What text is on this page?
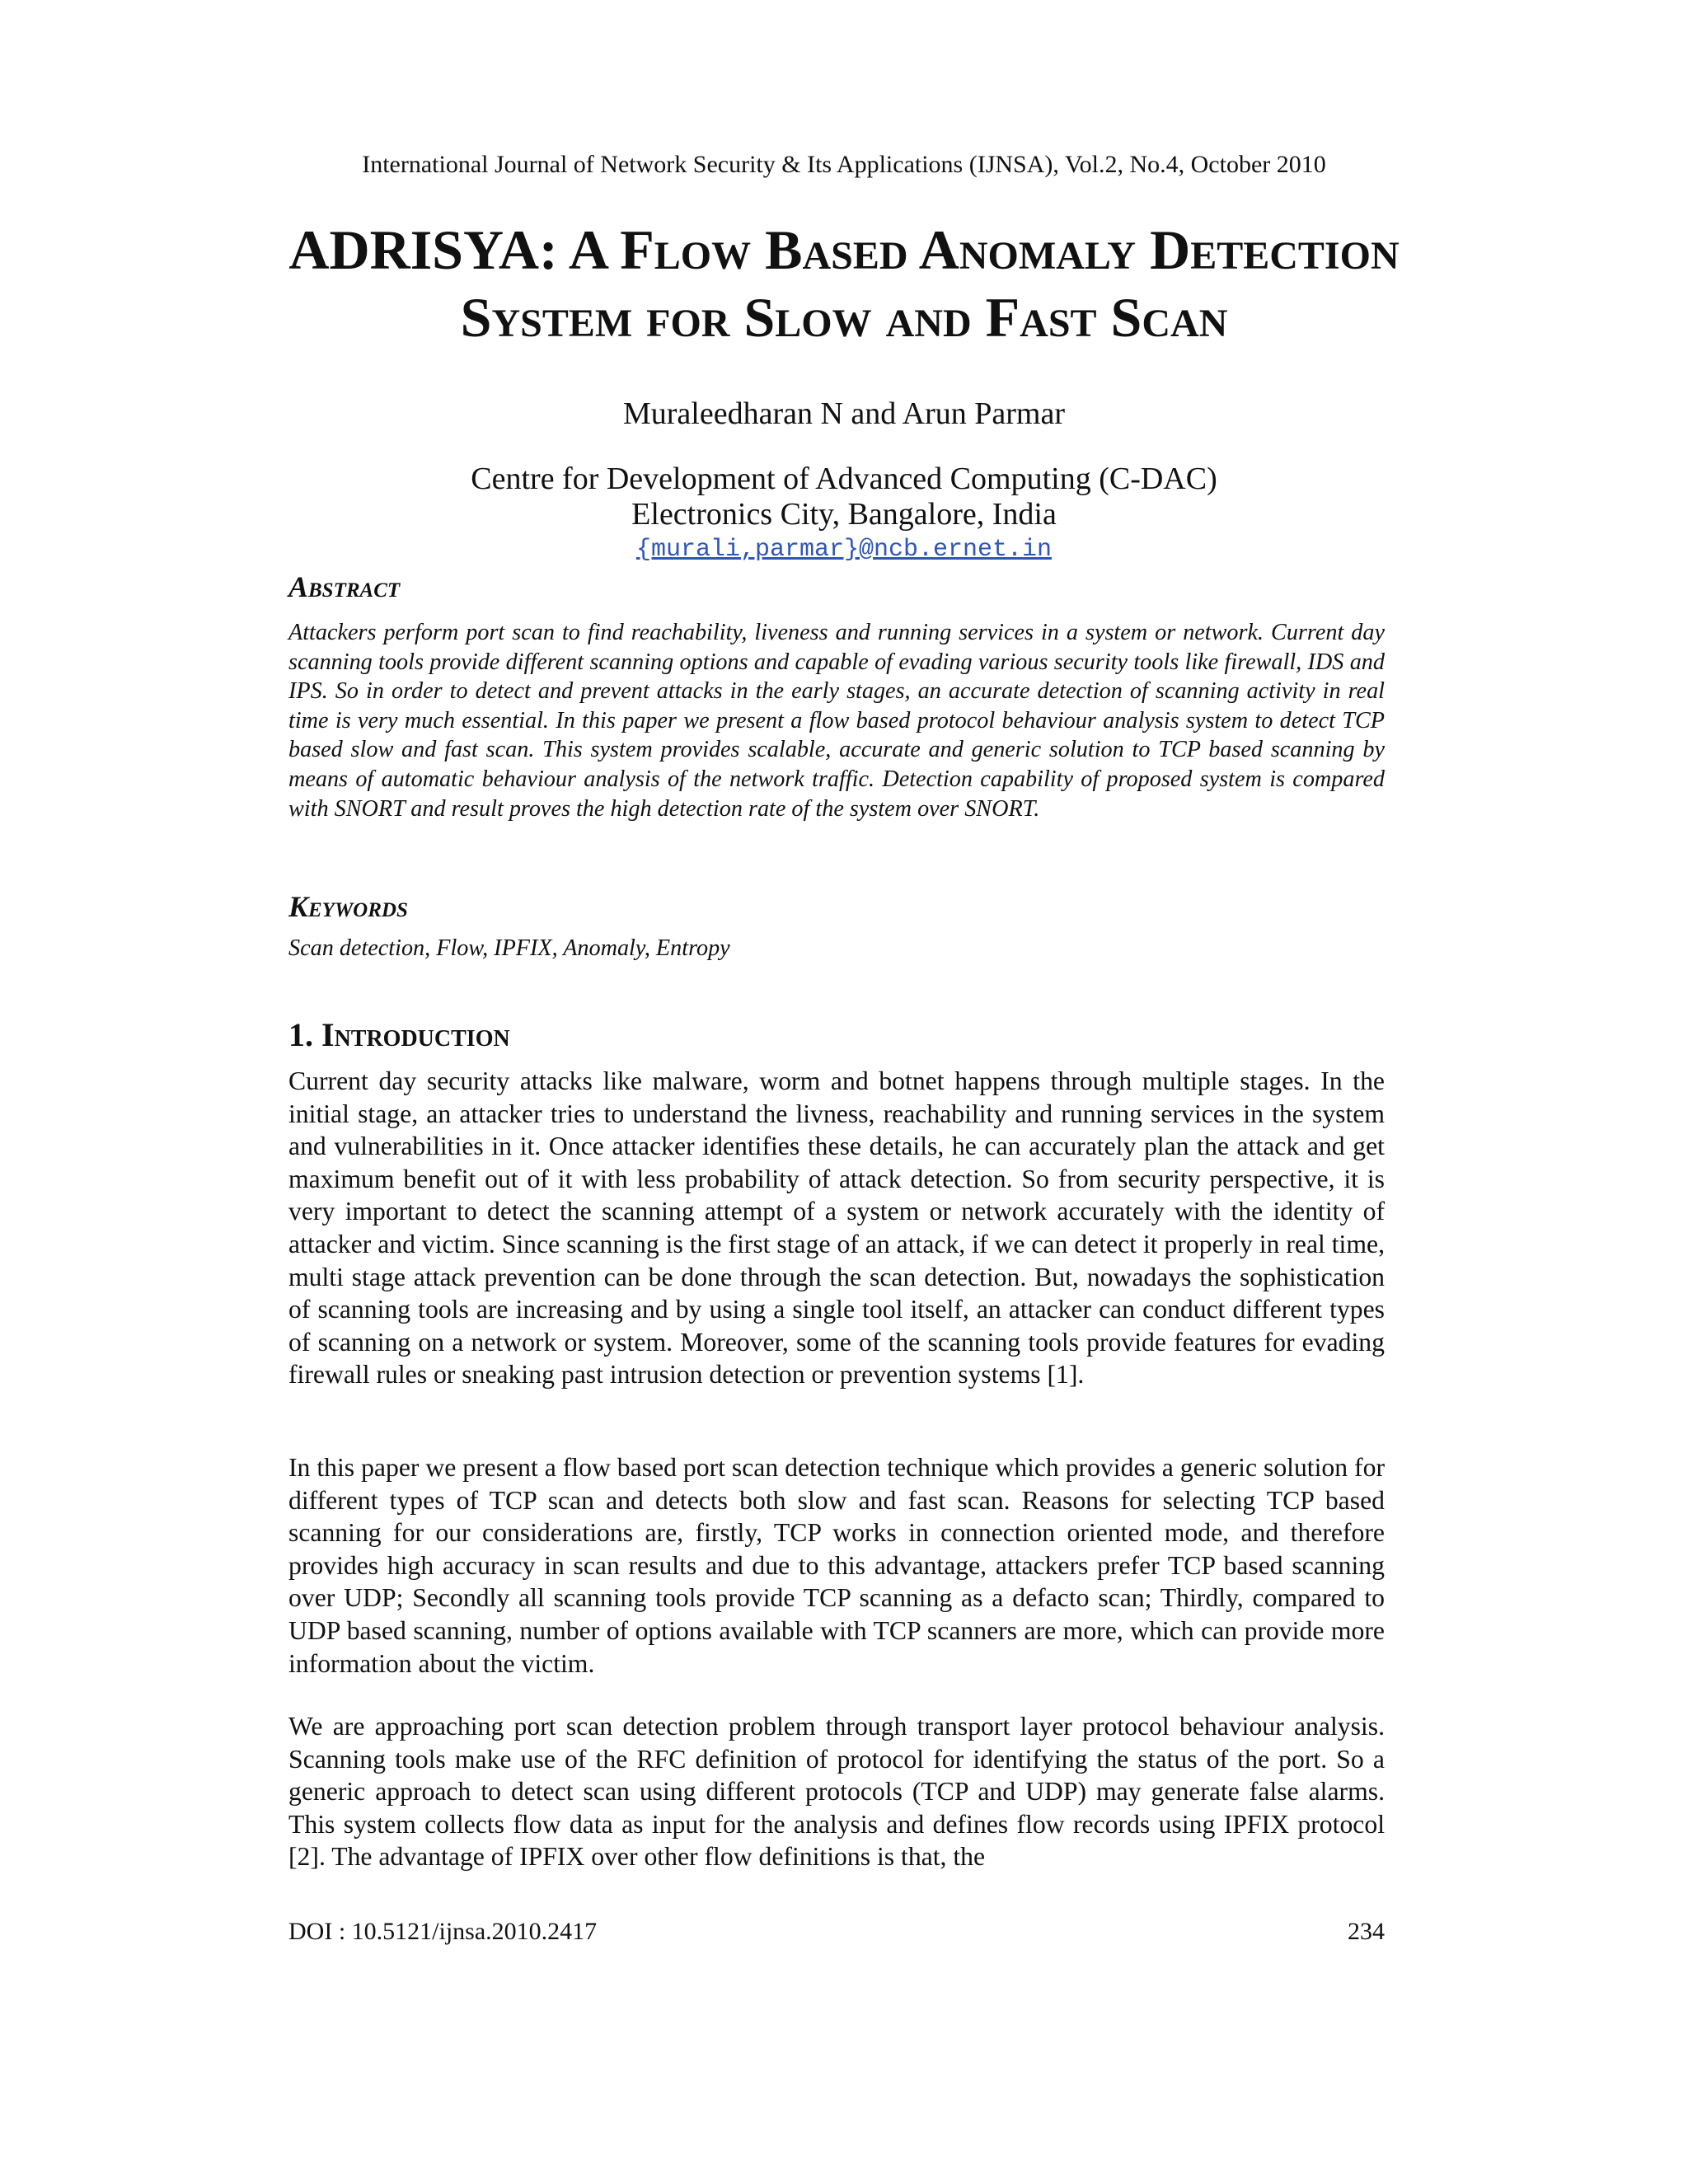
International Journal of Network Security & Its Applications (IJNSA), Vol.2, No.4, October 2010
ADRISYA: A Flow Based Anomaly Detection
System for Slow and Fast Scan
Muraleedharan N and Arun Parmar
Centre for Development of Advanced Computing (C-DAC)
Electronics City, Bangalore, India
{murali,parmar}@ncb.ernet.in
Abstract

Attackers perform port scan to find reachability, liveness and running services in a system or network. Current day scanning tools provide different scanning options and capable of evading various security tools like firewall, IDS and IPS. So in order to detect and prevent attacks in the early stages, an accurate detection of scanning activity in real time is very much essential. In this paper we present a flow based protocol behaviour analysis system to detect TCP based slow and fast scan. This system provides scalable, accurate and generic solution to TCP based scanning by means of automatic behaviour analysis of the network traffic. Detection capability of proposed system is compared with SNORT and result proves the high detection rate of the system over SNORT.

Keywords

Scan detection, Flow, IPFIX, Anomaly, Entropy

1. Introduction

Current day security attacks like malware, worm and botnet happens through multiple stages. In the initial stage, an attacker tries to understand the livness, reachability and running services in the system and vulnerabilities in it. Once attacker identifies these details, he can accurately plan the attack and get maximum benefit out of it with less probability of attack detection. So from security perspective, it is very important to detect the scanning attempt of a system or network accurately with the identity of attacker and victim. Since scanning is the first stage of an attack, if we can detect it properly in real time, multi stage attack prevention can be done through the scan detection. But, nowadays the sophistication of scanning tools are increasing and by using a single tool itself, an attacker can conduct different types of scanning on a network or system. Moreover, some of the scanning tools provide features for evading firewall rules or sneaking past intrusion detection or prevention systems [1].

In this paper we present a flow based port scan detection technique which provides a generic solution for different types of TCP scan and detects both slow and fast scan. Reasons for selecting TCP based scanning for our considerations are, firstly, TCP works in connection oriented mode, and therefore provides high accuracy in scan results and due to this advantage, attackers prefer TCP based scanning over UDP; Secondly all scanning tools provide TCP scanning as a defacto scan; Thirdly, compared to UDP based scanning, number of options available with TCP scanners are more, which can provide more information about the victim.

We are approaching port scan detection problem through transport layer protocol behaviour analysis. Scanning tools make use of the RFC definition of protocol for identifying the status of the port. So a generic approach to detect scan using different protocols (TCP and UDP) may generate false alarms. This system collects flow data as input for the analysis and defines flow records using IPFIX protocol [2]. The advantage of IPFIX over other flow definitions is that, the

DOI : 10.5121/ijnsa.2010.2417	234
